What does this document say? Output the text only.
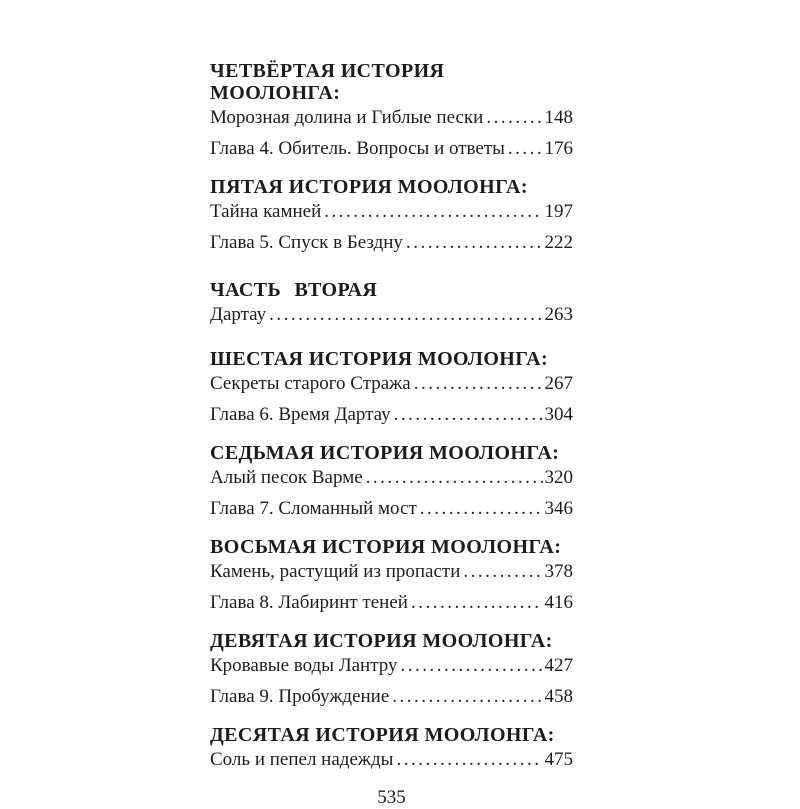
ЧЕТВЁРТАЯ ИСТОРИЯ МООЛОНГА:
Морозная долина и Гиблые пески .....	148
Глава 4. Обитель. Вопросы и ответы ..... 176
ПЯТАЯ ИСТОРИЯ МООЛОНГА:
Тайна камней .....	197
Глава 5. Спуск в Бездну .....	222
ЧАСТЬ ВТОРАЯ
Дартау .....	263
ШЕСТАЯ ИСТОРИЯ МООЛОНГА:
Секреты старого Стража .....	267
Глава 6. Время Дартау .....	304
СЕДЬМАЯ ИСТОРИЯ МООЛОНГА:
Алый песок Варме .....	320
Глава 7. Сломанный мост .....	346
ВОСЬМАЯ ИСТОРИЯ МООЛОНГА:
Камень, растущий из пропасти .....	378
Глава 8. Лабиринт теней .....	416
ДЕВЯТАЯ ИСТОРИЯ МООЛОНГА:
Кровавые воды Лантру .....	427
Глава 9. Пробуждение .....	458
ДЕСЯТАЯ ИСТОРИЯ МООЛОНГА:
Соль и пепел надежды .....	475
535
